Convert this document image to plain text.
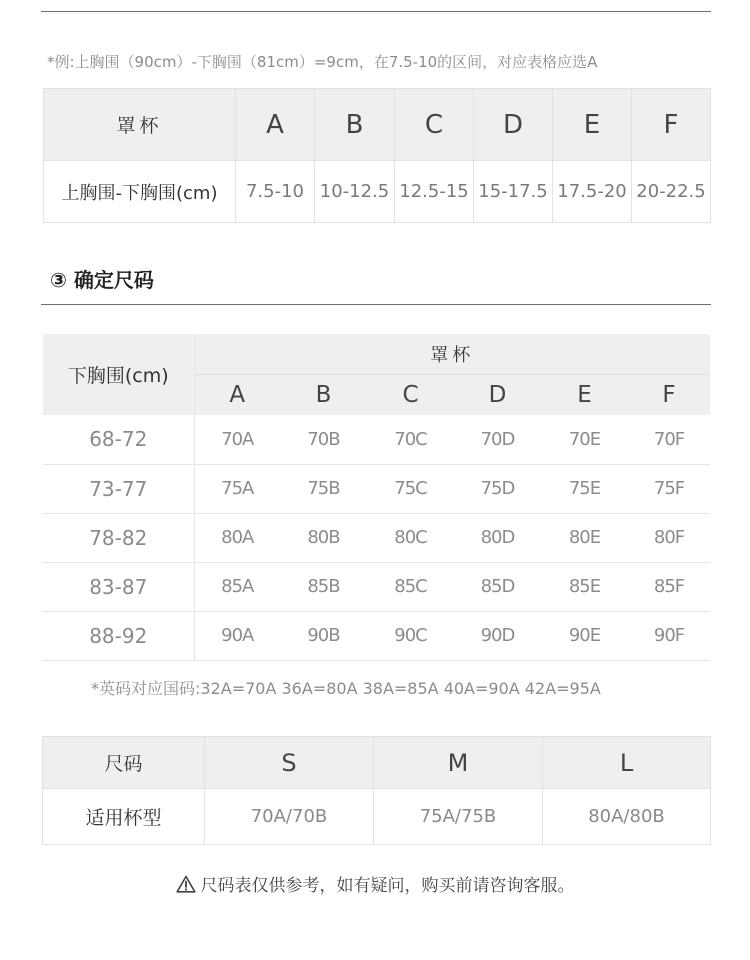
*例:上胸围（90cm）-下胸围（81cm）=9cm，在7.5-10的区间，对应表格应选A
罩杯	A	B	C	D	E	F
上胸围-下胸围(cm)	7.5-10	10-12.5	12.5-15	15-17.5	17.5-20	20-22.5
③ 确定尺码
下胸围(cm)	罩杯					
	A	B	C	D	E	F
68-72	70A	70B	70C	70D	70E	70F
73-77	75A	75B	75C	75D	75E	75F
78-82	80A	80B	80C	80D	80E	80F
83-87	85A	85B	85C	85D	85E	85F
88-92	90A	90B	90C	90D	90E	90F
*英码对应国码:32A=70A 36A=80A 38A=85A 40A=90A 42A=95A
尺码	S	M	L
适用杯型	70A/70B	75A/75B	80A/80B
尺码表仅供参考，如有疑问，购买前请咨询客服。
